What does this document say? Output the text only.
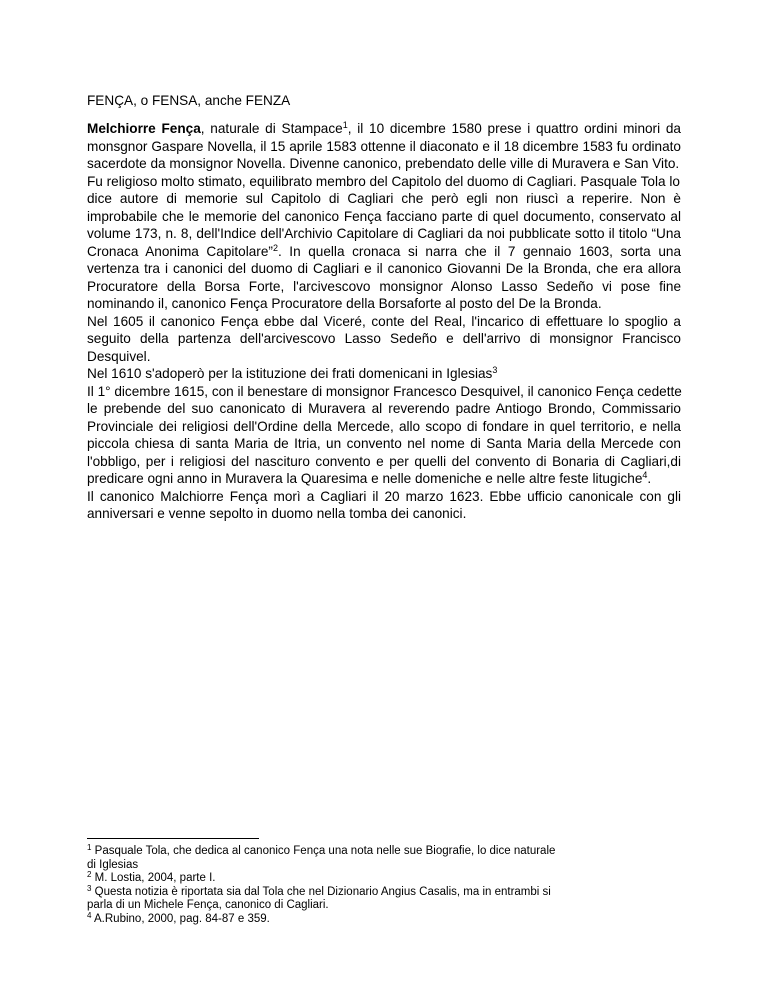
FENÇA, o FENSA, anche FENZA

Melchiorre Fença, naturale di Stampace$^1$, il 10 dicembre 1580 prese i quattro ordini minori da
monsgnor Gaspare Novella, il 15 aprile 1583 ottenne il diaconato e il 18 dicembre 1583 fu ordinato
sacerdote da monsignor Novella. Divenne canonico, prebendato delle ville di Muravera e San Vito.

Fu religioso molto stimato, equilibrato membro del Capitolo del duomo di Cagliari. Pasquale Tola lo
dice autore di memorie sul Capitolo di Cagliari che però egli non riuscì a reperire. Non è
improbabile che le memorie del canonico Fença facciano parte di quel documento, conservato al
volume 173, n. 8, dell'Indice dell'Archivio Capitolare di Cagliari da noi pubblicate sotto il titolo “Una
Cronaca Anonima Capitolare”$^2$. In quella cronaca si narra che il 7 gennaio 1603, sorta una
vertenza tra i canonici del duomo di Cagliari e il canonico Giovanni De la Bronda, che era allora
Procuratore della Borsa Forte, l'arcivescovo monsignor Alonso Lasso Sedeño vi pose fine
nominando il, canonico Fença Procuratore della Borsaforte al posto del De la Bronda.

Nel 1605 il canonico Fença ebbe dal Viceré, conte del Real, l'incarico di effettuare lo spoglio a
seguito della partenza dell'arcivescovo Lasso Sedeño e dell'arrivo di monsignor Francisco
Desquivel.

Nel 1610 s'adoperò per la istituzione dei frati domenicani in Iglesias$^3$

Il 1° dicembre 1615, con il benestare di monsignor Francesco Desquivel, il canonico Fença cedette
le prebende del suo canonicato di Muravera al reverendo padre Antiogo Brondo, Commissario
Provinciale dei religiosi dell'Ordine della Mercede, allo scopo di fondare in quel territorio, e nella
piccola chiesa di santa Maria de Itria, un convento nel nome di Santa Maria della Mercede con
l'obbligo, per i religiosi del nascituro convento e per quelli del convento di Bonaria di Cagliari,di
predicare ogni anno in Muravera la Quaresima e nelle domeniche e nelle altre feste litugiche$^4$.

Il canonico Malchiorre Fença morì a Cagliari il 20 marzo 1623. Ebbe ufficio canonicale con gli
anniversari e venne sepolto in duomo nella tomba dei canonici.

$^1$ Pasquale Tola, che dedica al canonico Fença una nota nelle sue Biografie, lo dice naturale
di Iglesias

$^2$ M. Lostia, 2004, parte I.

$^3$ Questa notizia è riportata sia dal Tola che nel Dizionario Angius Casalis, ma in entrambi si
parla di un Michele Fença, canonico di Cagliari.

$^4$ A.Rubino, 2000, pag. 84-87 e 359.
